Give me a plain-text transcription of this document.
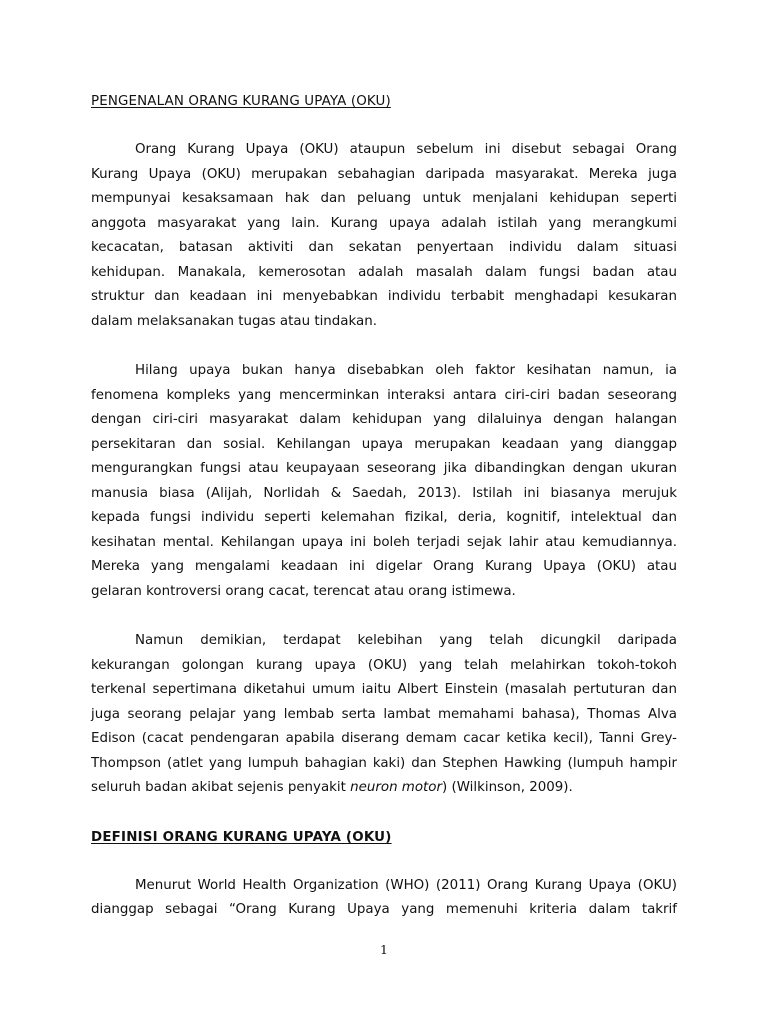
PENGENALAN ORANG KURANG UPAYA (OKU)

Orang Kurang Upaya (OKU) ataupun sebelum ini disebut sebagai Orang
Kurang Upaya (OKU) merupakan sebahagian daripada masyarakat. Mereka juga
mempunyai kesaksamaan hak dan peluang untuk menjalani kehidupan seperti
anggota masyarakat yang lain. Kurang upaya adalah istilah yang merangkumi
kecacatan, batasan aktiviti dan sekatan penyertaan individu dalam situasi
kehidupan. Manakala, kemerosotan adalah masalah dalam fungsi badan atau
struktur dan keadaan ini menyebabkan individu terbabit menghadapi kesukaran
dalam melaksanakan tugas atau tindakan.

Hilang upaya bukan hanya disebabkan oleh faktor kesihatan namun, ia
fenomena kompleks yang mencerminkan interaksi antara ciri-ciri badan seseorang
dengan ciri-ciri masyarakat dalam kehidupan yang dilaluinya dengan halangan
persekitaran dan sosial. Kehilangan upaya merupakan keadaan yang dianggap
mengurangkan fungsi atau keupayaan seseorang jika dibandingkan dengan ukuran
manusia biasa (Alijah, Norlidah & Saedah, 2013). Istilah ini biasanya merujuk
kepada fungsi individu seperti kelemahan fizikal, deria, kognitif, intelektual dan
kesihatan mental. Kehilangan upaya ini boleh terjadi sejak lahir atau kemudiannya.
Mereka yang mengalami keadaan ini digelar Orang Kurang Upaya (OKU) atau
gelaran kontroversi orang cacat, terencat atau orang istimewa.

Namun demikian, terdapat kelebihan yang telah dicungkil daripada
kekurangan golongan kurang upaya (OKU) yang telah melahirkan tokoh-tokoh
terkenal sepertimana diketahui umum iaitu Albert Einstein (masalah pertuturan dan
juga seorang pelajar yang lembab serta lambat memahami bahasa), Thomas Alva
Edison (cacat pendengaran apabila diserang demam cacar ketika kecil), Tanni Grey-
Thompson (atlet yang lumpuh bahagian kaki) dan Stephen Hawking (lumpuh hampir
seluruh badan akibat sejenis penyakit neuron motor) (Wilkinson, 2009).

DEFINISI ORANG KURANG UPAYA (OKU)

Menurut World Health Organization (WHO) (2011) Orang Kurang Upaya (OKU)
dianggap sebagai “Orang Kurang Upaya yang memenuhi kriteria dalam takrif

1
